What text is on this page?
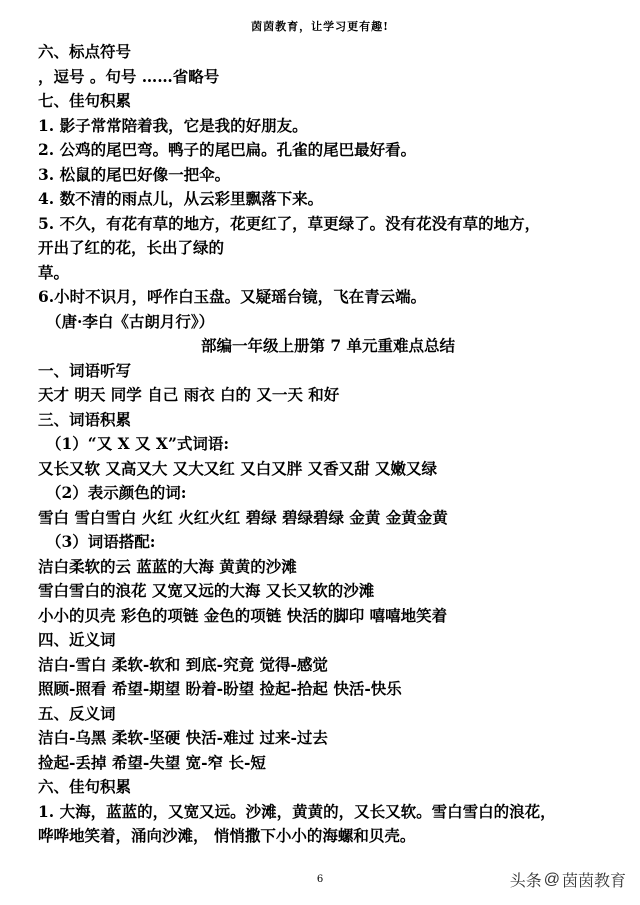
茵茵教育，让学习更有趣!
六、标点符号
，逗号 。句号 ……省略号
七、佳句积累
1. 影子常常陪着我，它是我的好朋友。
2. 公鸡的尾巴弯。鸭子的尾巴扁。孔雀的尾巴最好看。
3. 松鼠的尾巴好像一把伞。
4. 数不清的雨点儿，从云彩里飘落下来。
5. 不久，有花有草的地方，花更红了，草更绿了。没有花没有草的地方，
开出了红的花，长出了绿的
草。
6.小时不识月，呼作白玉盘。又疑瑶台镜，飞在青云端。
（唐·李白《古朗月行》）
部编一年级上册第 7 单元重难点总结
一、词语听写
天才 明天 同学 自己 雨衣 白的 又一天 和好
三、词语积累
（1）“又 X 又 X”式词语:
又长又软 又高又大 又大又红 又白又胖 又香又甜 又嫩又绿
（2）表示颜色的词:
雪白 雪白雪白 火红 火红火红 碧绿 碧绿碧绿 金黄 金黄金黄
（3）词语搭配:
洁白柔软的云 蓝蓝的大海 黄黄的沙滩
雪白雪白的浪花 又宽又远的大海 又长又软的沙滩
小小的贝壳 彩色的项链 金色的项链 快活的脚印 嘻嘻地笑着
四、近义词
洁白-雪白 柔软-软和 到底-究竟 觉得-感觉
照顾-照看 希望-期望 盼着-盼望 捡起-拾起 快活-快乐
五、反义词
洁白-乌黑 柔软-坚硬 快活-难过 过来-过去
捡起-丢掉 希望-失望 宽-窄 长-短
六、佳句积累
1. 大海，蓝蓝的，又宽又远。沙滩，黄黄的，又长又软。雪白雪白的浪花，
哗哗地笑着，涌向沙滩， 悄悄撒下小小的海螺和贝壳。
6	头条 @ 茵茵教育
